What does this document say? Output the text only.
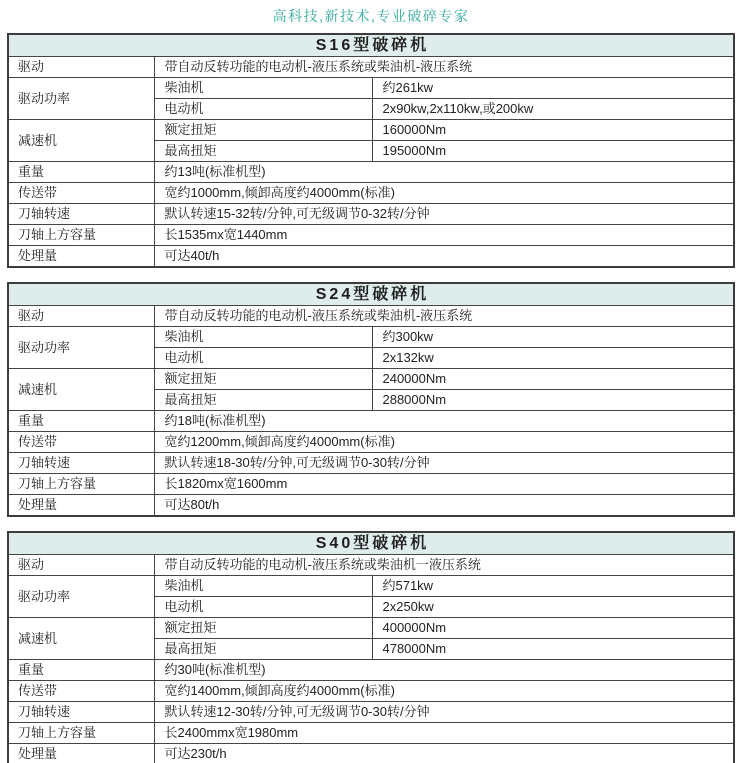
高科技,新技术,专业破碎专家
S16型破碎机		
驱动	带自动反转功能的电动机-液压系统或柴油机-液压系统	
驱动功率	柴油机	约261kw
	电动机	2x90kw,2x110kw,或200kw
减速机	额定扭矩	160000Nm
	最高扭矩	195000Nm
重量	约13吨(标准机型)	
传送带	宽约1000mm,倾卸高度约4000mm(标准)	
刀轴转速	默认转速15-32转/分钟,可无级调节0-32转/分钟	
刀轴上方容量	长1535mx宽1440mm	
处理量	可达40t/h	
S24型破碎机		
驱动	带自动反转功能的电动机-液压系统或柴油机-液压系统	
驱动功率	柴油机	约300kw
	电动机	2x132kw
减速机	额定扭矩	240000Nm
	最高扭矩	288000Nm
重量	约18吨(标准机型)	
传送带	宽约1200mm,倾卸高度约4000mm(标准)	
刀轴转速	默认转速18-30转/分钟,可无级调节0-30转/分钟	
刀轴上方容量	长1820mx宽1600mm	
处理量	可达80t/h	
S40型破碎机		
驱动	带自动反转功能的电动机-液压系统或柴油机一液压系统	
驱动功率	柴油机	约571kw
	电动机	2x250kw
减速机	额定扭矩	400000Nm
	最高扭矩	478000Nm
重量	约30吨(标准机型)	
传送带	宽约1400mm,倾卸高度约4000mm(标准)	
刀轴转速	默认转速12-30转/分钟,可无级调节0-30转/分钟	
刀轴上方容量	长2400mmx宽1980mm	
处理量	可达230t/h	
